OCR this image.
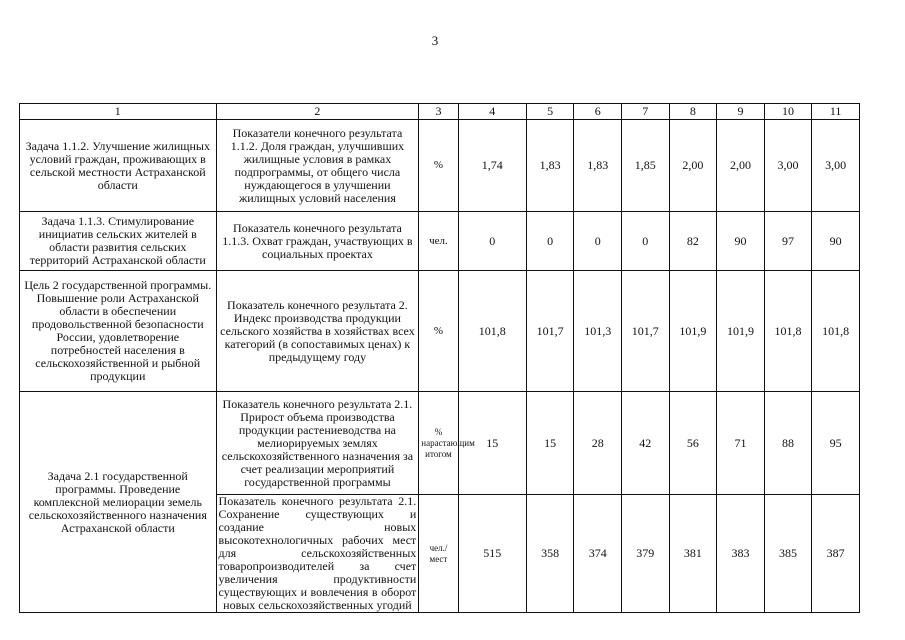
3
1	2	3	4	5	6	7	8	9	10	11
Задача 1.1.2. Улучшение жилищных условий граждан, проживающих в сельской местности Астраханской области	Показатели конечного результата 1.1.2. Доля граждан, улучшивших жилищные условия в рамках подпрограммы, от общего числа нуждающегося в улучшении жилищных условий населения	%	1,74	1,83	1,83	1,85	2,00	2,00	3,00	3,00
Задача 1.1.3. Стимулирование инициатив сельских жителей в области развития сельских территорий Астраханской области	Показатель конечного результата 1.1.3. Охват граждан, участвующих в социальных проектах	чел.	0	0	0	0	82	90	97	90
Цель 2 государственной программы. Повышение роли Астраханской области в обеспечении продовольственной безопасности России, удовлетворение потребностей населения в сельскохозяйственной и рыбной продукции	Показатель конечного результата 2. Индекс производства продукции сельского хозяйства в хозяйствах всех категорий (в сопоставимых ценах) к предыдущему году	%	101,8	101,7	101,3	101,7	101,9	101,9	101,8	101,8
Задача 2.1 государственной программы. Проведение комплексной мелиорации земель сельскохозяйственного назначения Астраханской области	Показатель конечного результата 2.1. Прирост объема производства продукции растениеводства на мелиорируемых землях сельскохозяйственного назначения за счет реализации мероприятий государственной программы	% нарастающим итогом	15	15	28	42	56	71	88	95
	Показатель конечного результата 2.1. Сохранение существующих и создание новых высокотехнологичных рабочих мест для сельскохозяйственных товаропроизводителей за счет увеличения продуктивности существующих и вовлечения в оборот новых сельскохозяйственных угодий	чел./мест	515	358	374	379	381	383	385	387
